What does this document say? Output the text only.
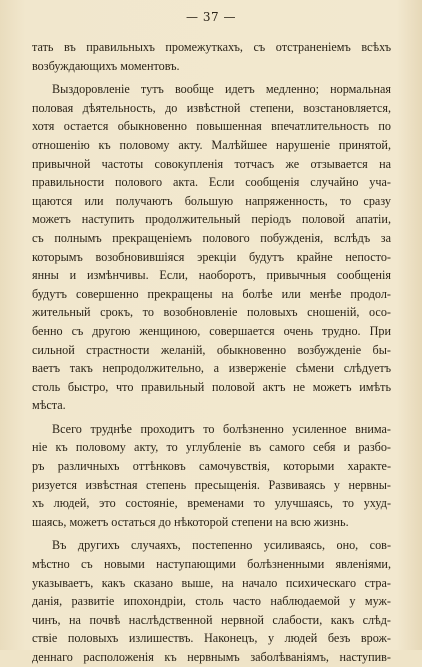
— 37 —

тать въ правильныхъ промежуткахъ, съ отстраненіемъ всѣхъ

возбуждающихъ моментовъ.

Выздоровленіе тутъ вообще идетъ медленно; нормальная

половая дѣятельность, до извѣстной степени, возстановляется,

хотя остается обыкновенно повышенная впечатлительность по

отношенію къ половому акту. Малѣйшее нарушеніе принятой,

привычной частоты совокупленія тотчасъ же отзывается на

правильности полового акта. Если сообщенія случайно уча-

щаются или получаютъ большую напряженность, то сразу

можетъ наступить продолжительный періодъ половой апатіи,

съ полнымъ прекращеніемъ полового побужденія, вслѣдъ за

которымъ возобновившіяся эрекціи будутъ крайне непосто-

янны и измѣнчивы. Если, наоборотъ, привычныя сообщенія

будутъ совершенно прекращены на болѣе или менѣе продол-

жительный срокъ, то возобновленіе половыхъ сношеній, осо-

бенно съ другою женщиною, совершается очень трудно. При

сильной страстности желаній, обыкновенно возбужденіе бы-

ваетъ такъ непродолжительно, а изверженіе сѣмени слѣдуетъ

столь быстро, что правильный половой актъ не можетъ имѣть

мѣста.

Всего труднѣе проходитъ то болѣзненно усиленное внима-

ніе къ половому акту, то углубленіе въ самого себя и разбо-

ръ различныхъ оттѣнковъ самочувствія, которыми характе-

ризуется извѣстная степень пресыщенія. Развиваясь у нервны-

хъ людей, это состояніе, временами то улучшаясь, то ухуд-

шаясь, можетъ остаться до нѣкоторой степени на всю жизнь.

Въ другихъ случаяхъ, постепенно усиливаясь, оно, сов-

мѣстно съ новыми наступающими болѣзненными явленіями,

указываетъ, какъ сказано выше, на начало психическаго стра-

данія, развитіе ипохондріи, столь часто наблюдаемой у муж-

чинъ, на почвѣ наслѣдственной нервной слабости, какъ слѣд-

ствіе половыхъ излишествъ. Наконецъ, у людей безъ врож-

деннаго расположенія къ нервнымъ заболѣваніямъ, наступив-
